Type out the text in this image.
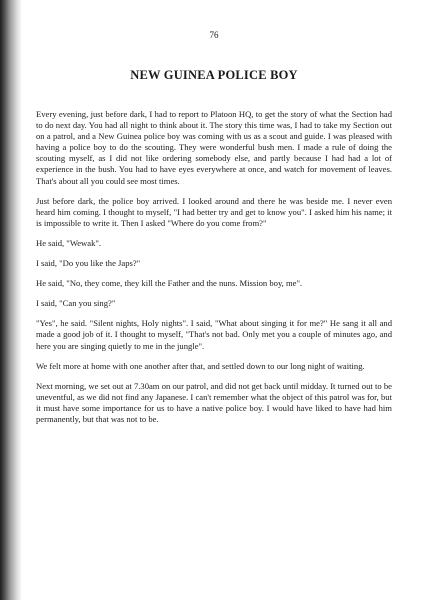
76
NEW GUINEA POLICE BOY

Every evening, just before dark, I had to report to Platoon HQ, to get the story of what the Section had to do next day. You had all night to think about it. The story this time was, I had to take my Section out on a patrol, and a New Guinea police boy was coming with us as a scout and guide. I was pleased with having a police boy to do the scouting. They were wonderful bush men. I made a rule of doing the scouting myself, as I did not like ordering somebody else, and partly because I had had a lot of experience in the bush. You had to have eyes everywhere at once, and watch for movement of leaves. That's about all you could see most times.

Just before dark, the police boy arrived. I looked around and there he was beside me. I never even heard him coming. I thought to myself, "I had better try and get to know you". I asked him his name; it is impossible to write it. Then I asked "Where do you come from?"

He said, "Wewak".

I said, "Do you like the Japs?"

He said, "No, they come, they kill the Father and the nuns. Mission boy, me".

I said, "Can you sing?"

"Yes", he said. "Silent nights, Holy nights". I said, "What about singing it for me?" He sang it all and made a good job of it. I thought to myself, "That's not bad. Only met you a couple of minutes ago, and here you are singing quietly to me in the jungle".

We felt more at home with one another after that, and settled down to our long night of waiting.

Next morning, we set out at 7.30am on our patrol, and did not get back until midday. It turned out to be uneventful, as we did not find any Japanese. I can't remember what the object of this patrol was for, but it must have some importance for us to have a native police boy. I would have liked to have had him permanently, but that was not to be.
